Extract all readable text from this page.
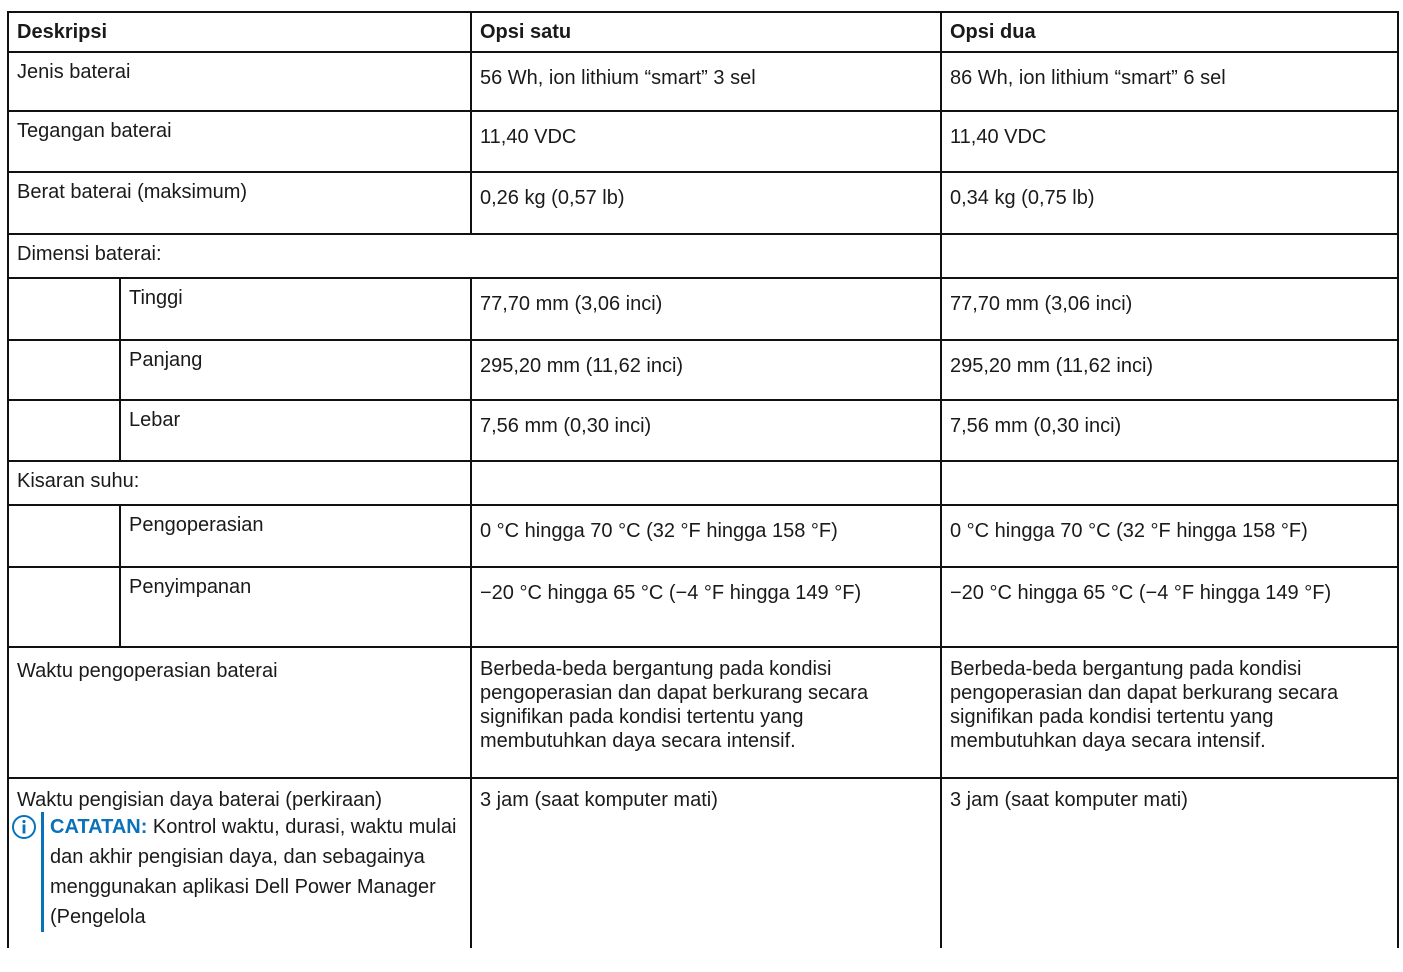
Deskripsi		Opsi satu	Opsi dua
Jenis baterai		56 Wh, ion lithium “smart” 3 sel	86 Wh, ion lithium “smart” 6 sel
Tegangan baterai		11,40 VDC	11,40 VDC
Berat baterai (maksimum)		0,26 kg (0,57 lb)	0,34 kg (0,75 lb)
Dimensi baterai:			
	Tinggi	77,70 mm (3,06 inci)	77,70 mm (3,06 inci)
	Panjang	295,20 mm (11,62 inci)	295,20 mm (11,62 inci)
	Lebar	7,56 mm (0,30 inci)	7,56 mm (0,30 inci)
Kisaran suhu:			
	Pengoperasian	0 °C hingga 70 °C (32 °F hingga 158 °F)	0 °C hingga 70 °C (32 °F hingga 158 °F)
	Penyimpanan	−20 °C hingga 65 °C (−4 °F hingga 149 °F)	−20 °C hingga 65 °C (−4 °F hingga 149 °F)
Waktu pengoperasian baterai		Berbeda-beda bergantung pada kondisi pengoperasian dan dapat berkurang secara signifikan pada kondisi tertentu yang membutuhkan daya secara intensif.	Berbeda-beda bergantung pada kondisi pengoperasian dan dapat berkurang secara signifikan pada kondisi tertentu yang membutuhkan daya secara intensif.

Waktu pengisian daya baterai (perkiraan)
CATATAN: Kontrol waktu, durasi, waktu mulai dan akhir pengisian daya, dan sebagainya menggunakan aplikasi Dell Power Manager (Pengelola		3 jam (saat komputer mati)	3 jam (saat komputer mati)
